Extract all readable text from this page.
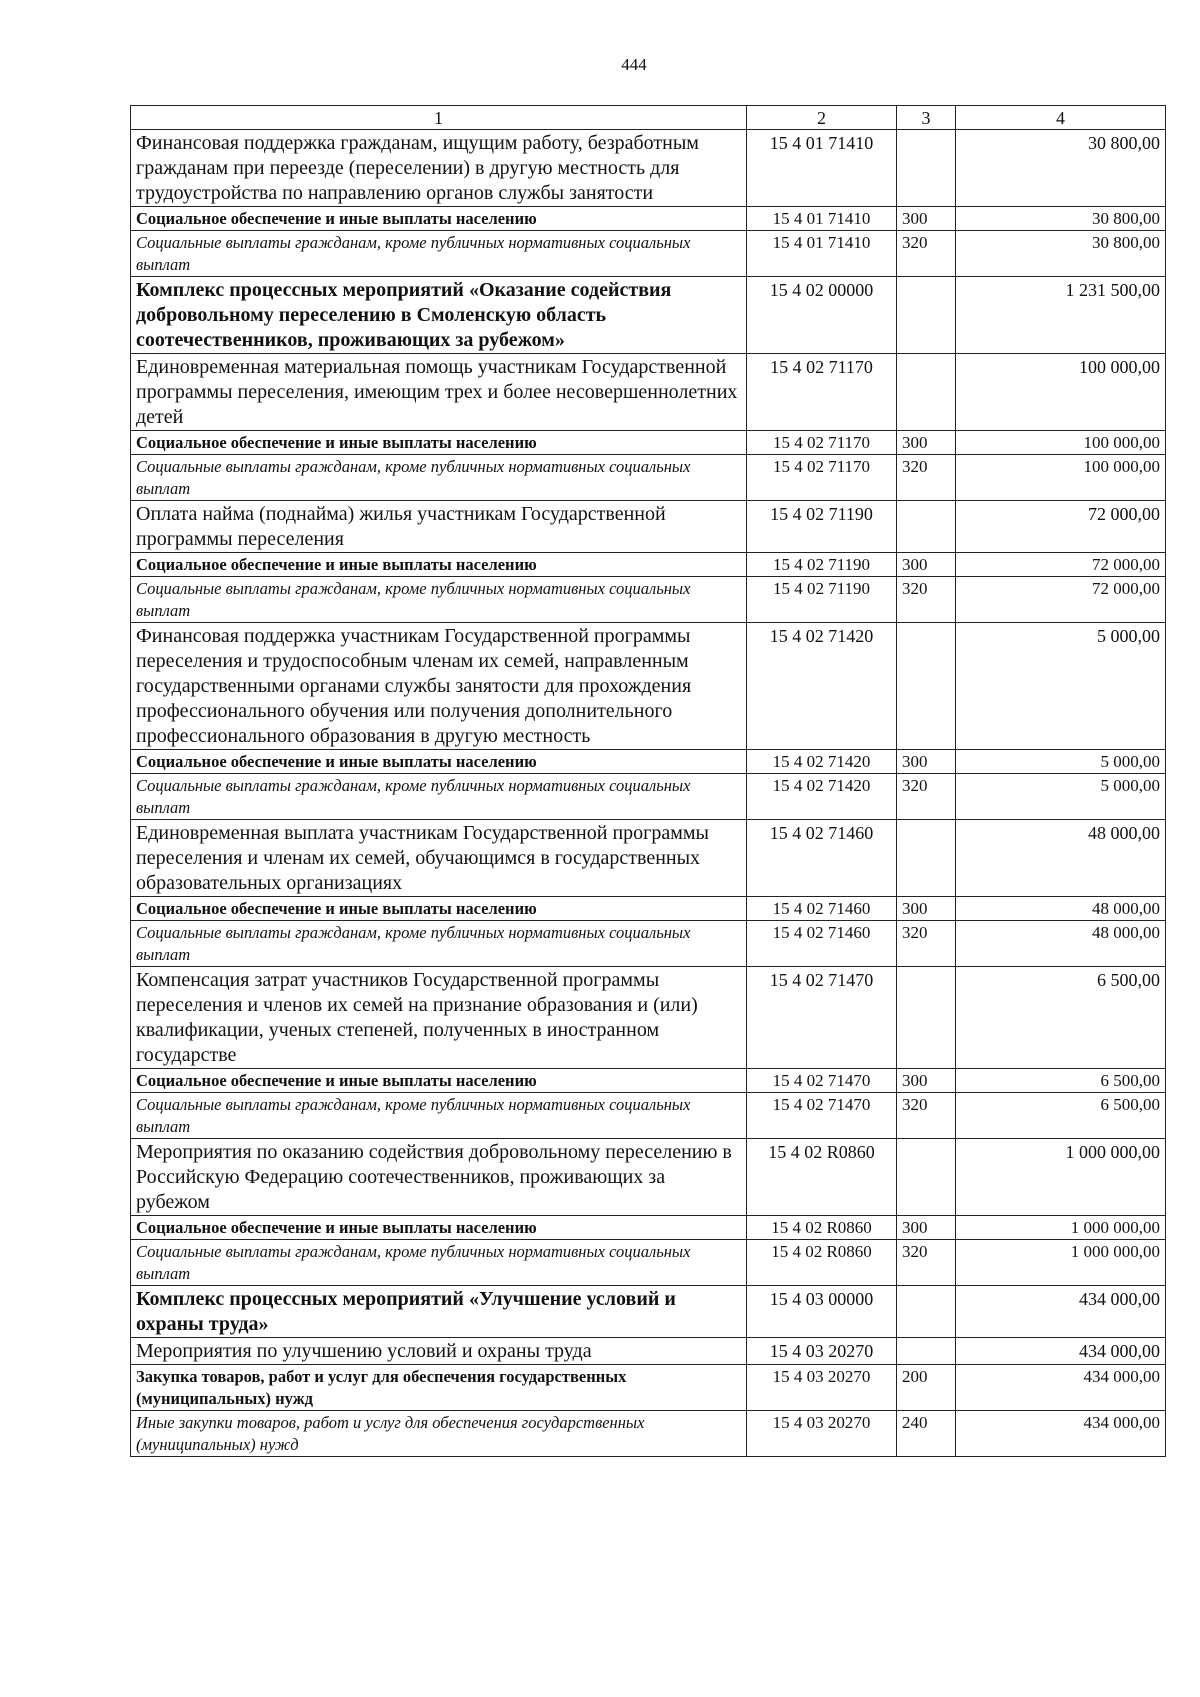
444
1	2	3	4
Финансовая поддержка гражданам, ищущим работу, безработным гражданам при переезде (переселении) в другую местность для трудоустройства по направлению органов службы занятости	15 4 01 71410		30 800,00
Социальное обеспечение и иные выплаты населению	15 4 01 71410	300	30 800,00
Социальные выплаты гражданам, кроме публичных нормативных социальных выплат	15 4 01 71410	320	30 800,00
Комплекс процессных мероприятий «Оказание содействия добровольному переселению в Смоленскую область соотечественников, проживающих за рубежом»	15 4 02 00000		1 231 500,00
Единовременная материальная помощь участникам Государственной программы переселения, имеющим трех и более несовершеннолетних детей	15 4 02 71170		100 000,00
Социальное обеспечение и иные выплаты населению	15 4 02 71170	300	100 000,00
Социальные выплаты гражданам, кроме публичных нормативных социальных выплат	15 4 02 71170	320	100 000,00
Оплата найма (поднайма) жилья участникам Государственной программы переселения	15 4 02 71190		72 000,00
Социальное обеспечение и иные выплаты населению	15 4 02 71190	300	72 000,00
Социальные выплаты гражданам, кроме публичных нормативных социальных выплат	15 4 02 71190	320	72 000,00
Финансовая поддержка участникам Государственной программы переселения и трудоспособным членам их семей, направленным государственными органами службы занятости для прохождения профессионального обучения или получения дополнительного профессионального образования в другую местность	15 4 02 71420		5 000,00
Социальное обеспечение и иные выплаты населению	15 4 02 71420	300	5 000,00
Социальные выплаты гражданам, кроме публичных нормативных социальных выплат	15 4 02 71420	320	5 000,00
Единовременная выплата участникам Государственной программы переселения и членам их семей, обучающимся в государственных образовательных организациях	15 4 02 71460		48 000,00
Социальное обеспечение и иные выплаты населению	15 4 02 71460	300	48 000,00
Социальные выплаты гражданам, кроме публичных нормативных социальных выплат	15 4 02 71460	320	48 000,00
Компенсация затрат участников Государственной программы переселения и членов их семей на признание образования и (или) квалификации, ученых степеней, полученных в иностранном государстве	15 4 02 71470		6 500,00
Социальное обеспечение и иные выплаты населению	15 4 02 71470	300	6 500,00
Социальные выплаты гражданам, кроме публичных нормативных социальных выплат	15 4 02 71470	320	6 500,00
Мероприятия по оказанию содействия добровольному переселению в Российскую Федерацию соотечественников, проживающих за рубежом	15 4 02 R0860		1 000 000,00
Социальное обеспечение и иные выплаты населению	15 4 02 R0860	300	1 000 000,00
Социальные выплаты гражданам, кроме публичных нормативных социальных выплат	15 4 02 R0860	320	1 000 000,00
Комплекс процессных мероприятий «Улучшение условий и охраны труда»	15 4 03 00000		434 000,00
Мероприятия по улучшению условий и охраны труда	15 4 03 20270		434 000,00
Закупка товаров, работ и услуг для обеспечения государственных (муниципальных) нужд	15 4 03 20270	200	434 000,00
Иные закупки товаров, работ и услуг для обеспечения государственных (муниципальных) нужд	15 4 03 20270	240	434 000,00
